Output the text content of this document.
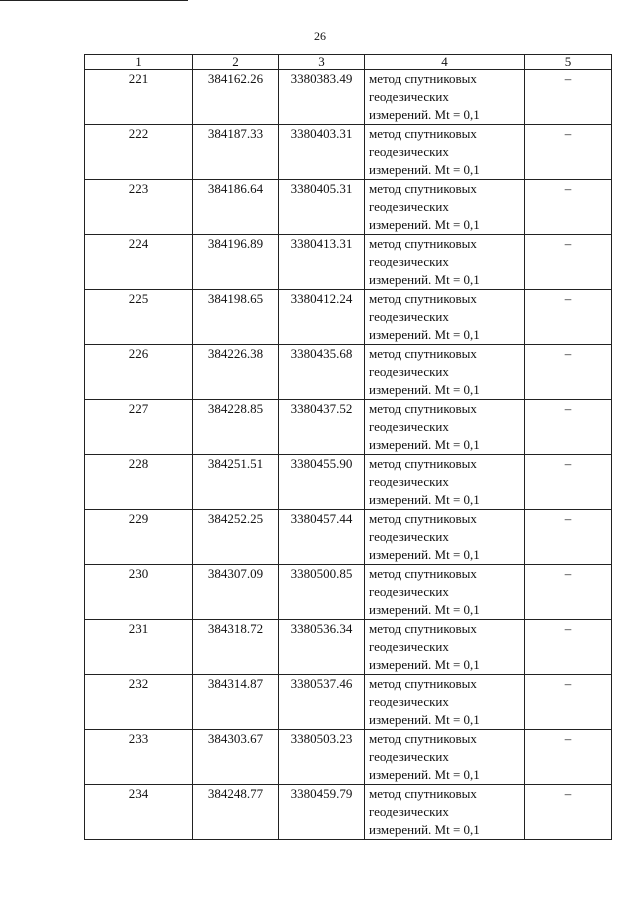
26
1	2	3	4	5
221	384162.26	3380383.49	метод спутниковых
геодезических
измерений. Mt = 0,1	–
222	384187.33	3380403.31	метод спутниковых
геодезических
измерений. Mt = 0,1	–
223	384186.64	3380405.31	метод спутниковых
геодезических
измерений. Mt = 0,1	–
224	384196.89	3380413.31	метод спутниковых
геодезических
измерений. Mt = 0,1	–
225	384198.65	3380412.24	метод спутниковых
геодезических
измерений. Mt = 0,1	–
226	384226.38	3380435.68	метод спутниковых
геодезических
измерений. Mt = 0,1	–
227	384228.85	3380437.52	метод спутниковых
геодезических
измерений. Mt = 0,1	–
228	384251.51	3380455.90	метод спутниковых
геодезических
измерений. Mt = 0,1	–
229	384252.25	3380457.44	метод спутниковых
геодезических
измерений. Mt = 0,1	–
230	384307.09	3380500.85	метод спутниковых
геодезических
измерений. Mt = 0,1	–
231	384318.72	3380536.34	метод спутниковых
геодезических
измерений. Mt = 0,1	–
232	384314.87	3380537.46	метод спутниковых
геодезических
измерений. Mt = 0,1	–
233	384303.67	3380503.23	метод спутниковых
геодезических
измерений. Mt = 0,1	–
234	384248.77	3380459.79	метод спутниковых
геодезических
измерений. Mt = 0,1	–
